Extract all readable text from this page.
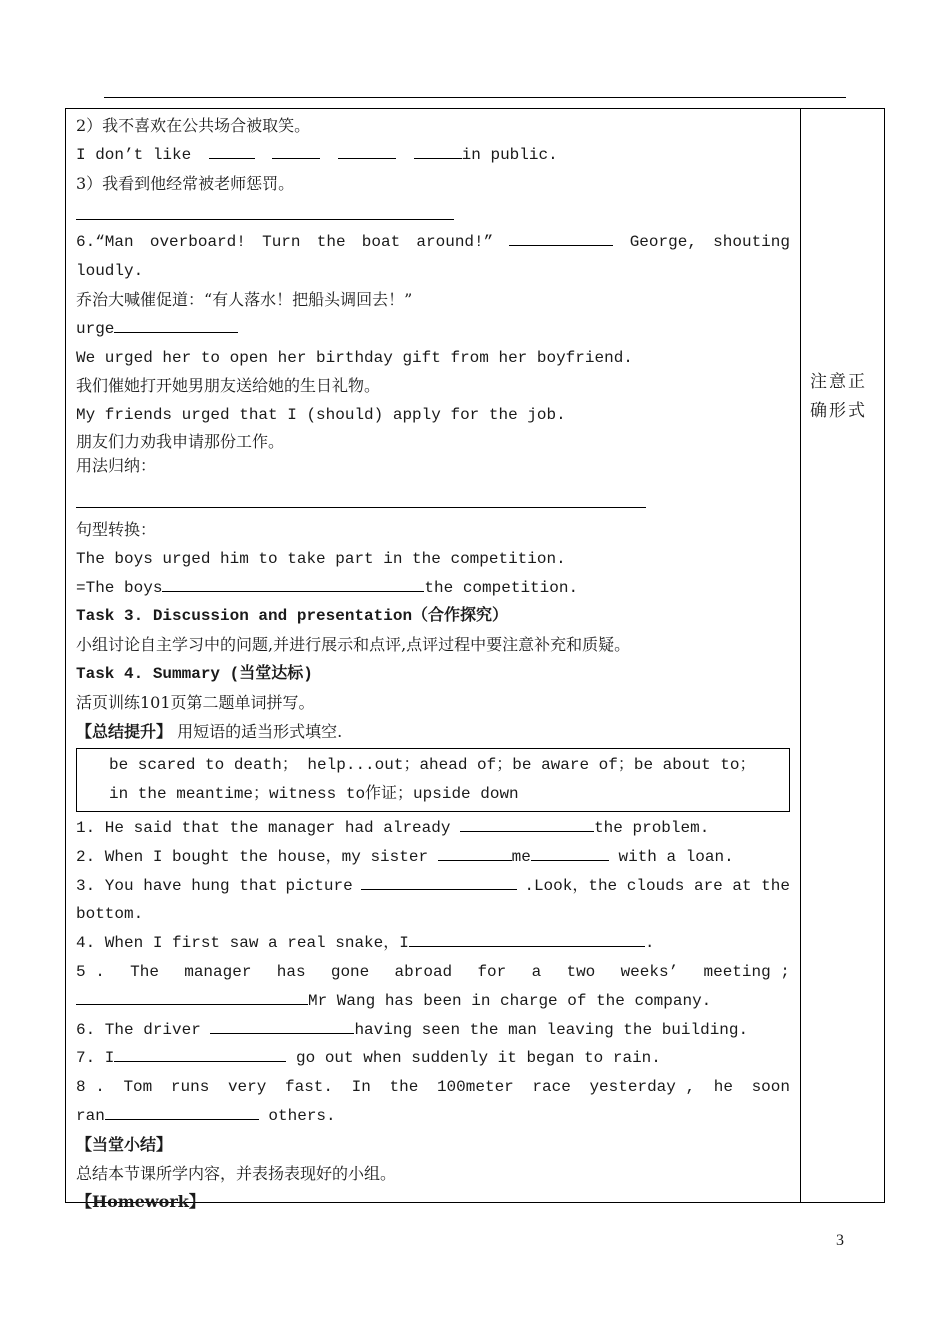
2）我不喜欢在公共场合被取笑。
I don’t like	in public.
3）我看到他经常被老师惩罚。
6.“Man overboard! Turn the boat around!”	George, shouting
loudly.
乔治大喊催促道：“有人落水！把船头调回去！”
urge
We urged her to open her birthday gift from her boyfriend.
我们催她打开她男朋友送给她的生日礼物。
My friends urged that I (should) apply for the job.
朋友们力劝我申请那份工作。
用法归纳：
句型转换：
The boys urged him to take part in the competition.
=The boys	the competition.
Task 3. Discussion and presentation（合作探究）
小组讨论自主学习中的问题,并进行展示和点评,点评过程中要注意补充和质疑。
Task 4. Summary (当堂达标)
活页训练101页第二题单词拼写。
【总结提升】 用短语的适当形式填空.
be scared to death； help...out；ahead of；be aware of；be about to；
in the meantime；witness to作证；upside down
1. He said that the manager had already	the problem.
2. When I bought the house，my sister	me	with a loan.
3. You have hung that picture	.Look，the clouds are at the
bottom.
4. When I first saw a real snake，I	.
5 . The manager has gone abroad for a two weeks’ meeting ;
Mr Wang has been in charge of the company.
6. The driver	having seen the man leaving the building.
7. I	go out when suddenly it began to rain.
8 . Tom runs very fast. In the 100meter race yesterday , he soon
ran	others.
【当堂小结】
总结本节课所学内容，并表扬表现好的小组。
【Homework】
注意正确形式
3
